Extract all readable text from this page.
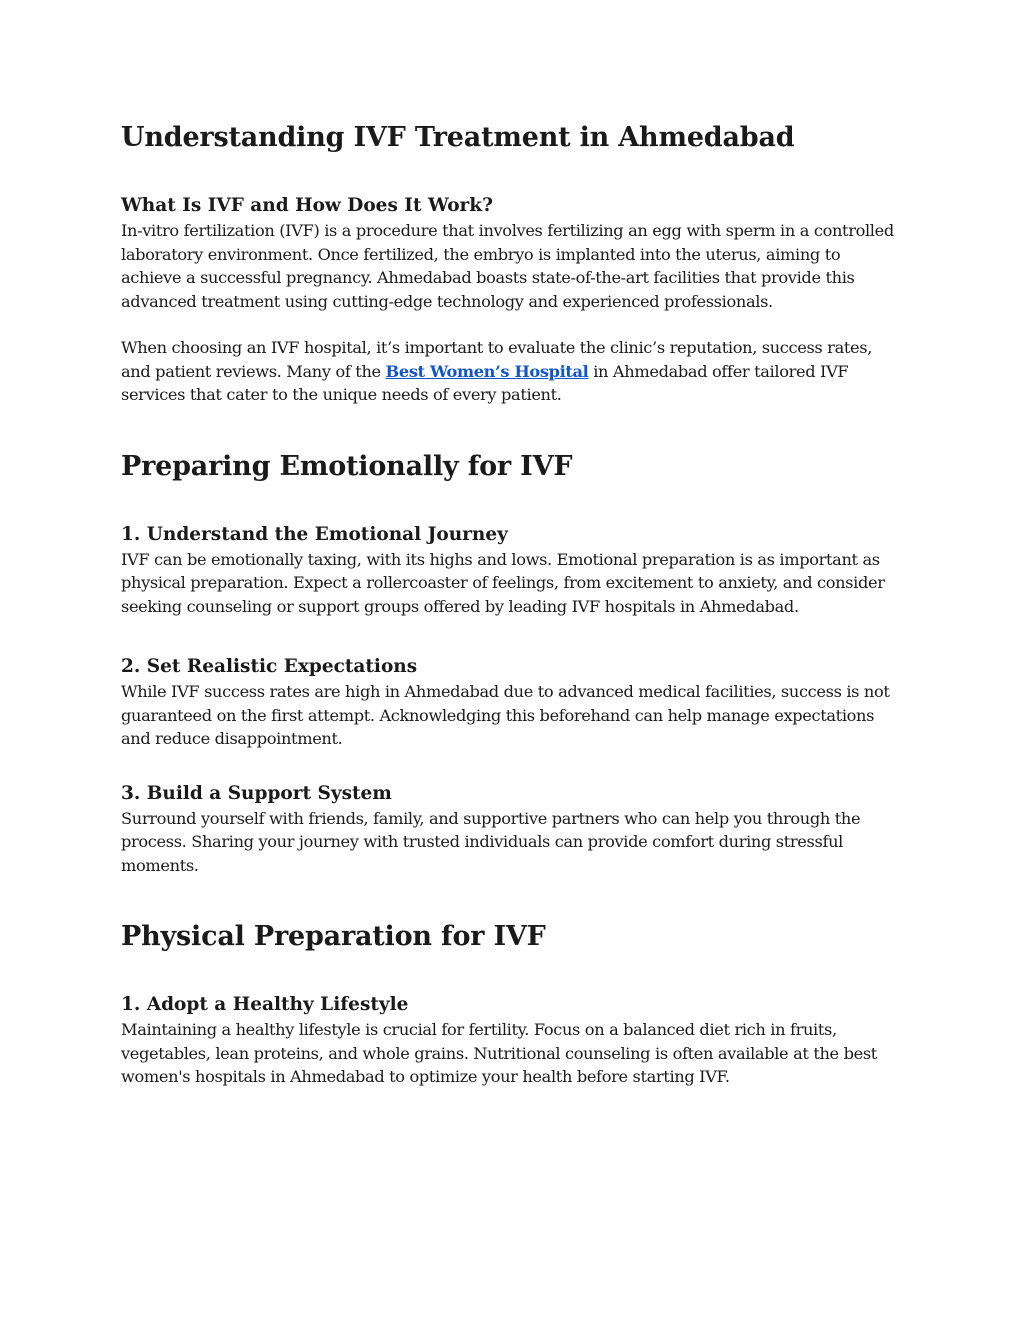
Understanding IVF Treatment in Ahmedabad
What Is IVF and How Does It Work?

In-vitro fertilization (IVF) is a procedure that involves fertilizing an egg with sperm in a controlled laboratory environment. Once fertilized, the embryo is implanted into the uterus, aiming to achieve a successful pregnancy. Ahmedabad boasts state-of-the-art facilities that provide this advanced treatment using cutting-edge technology and experienced professionals.

When choosing an IVF hospital, it’s important to evaluate the clinic’s reputation, success rates, and patient reviews. Many of the Best Women’s Hospital in Ahmedabad offer tailored IVF services that cater to the unique needs of every patient.

Preparing Emotionally for IVF
1. Understand the Emotional Journey

IVF can be emotionally taxing, with its highs and lows. Emotional preparation is as important as physical preparation. Expect a rollercoaster of feelings, from excitement to anxiety, and consider seeking counseling or support groups offered by leading IVF hospitals in Ahmedabad.

2. Set Realistic Expectations

While IVF success rates are high in Ahmedabad due to advanced medical facilities, success is not guaranteed on the first attempt. Acknowledging this beforehand can help manage expectations and reduce disappointment.

3. Build a Support System

Surround yourself with friends, family, and supportive partners who can help you through the process. Sharing your journey with trusted individuals can provide comfort during stressful moments.

Physical Preparation for IVF
1. Adopt a Healthy Lifestyle

Maintaining a healthy lifestyle is crucial for fertility. Focus on a balanced diet rich in fruits, vegetables, lean proteins, and whole grains. Nutritional counseling is often available at the best women's hospitals in Ahmedabad to optimize your health before starting IVF.
